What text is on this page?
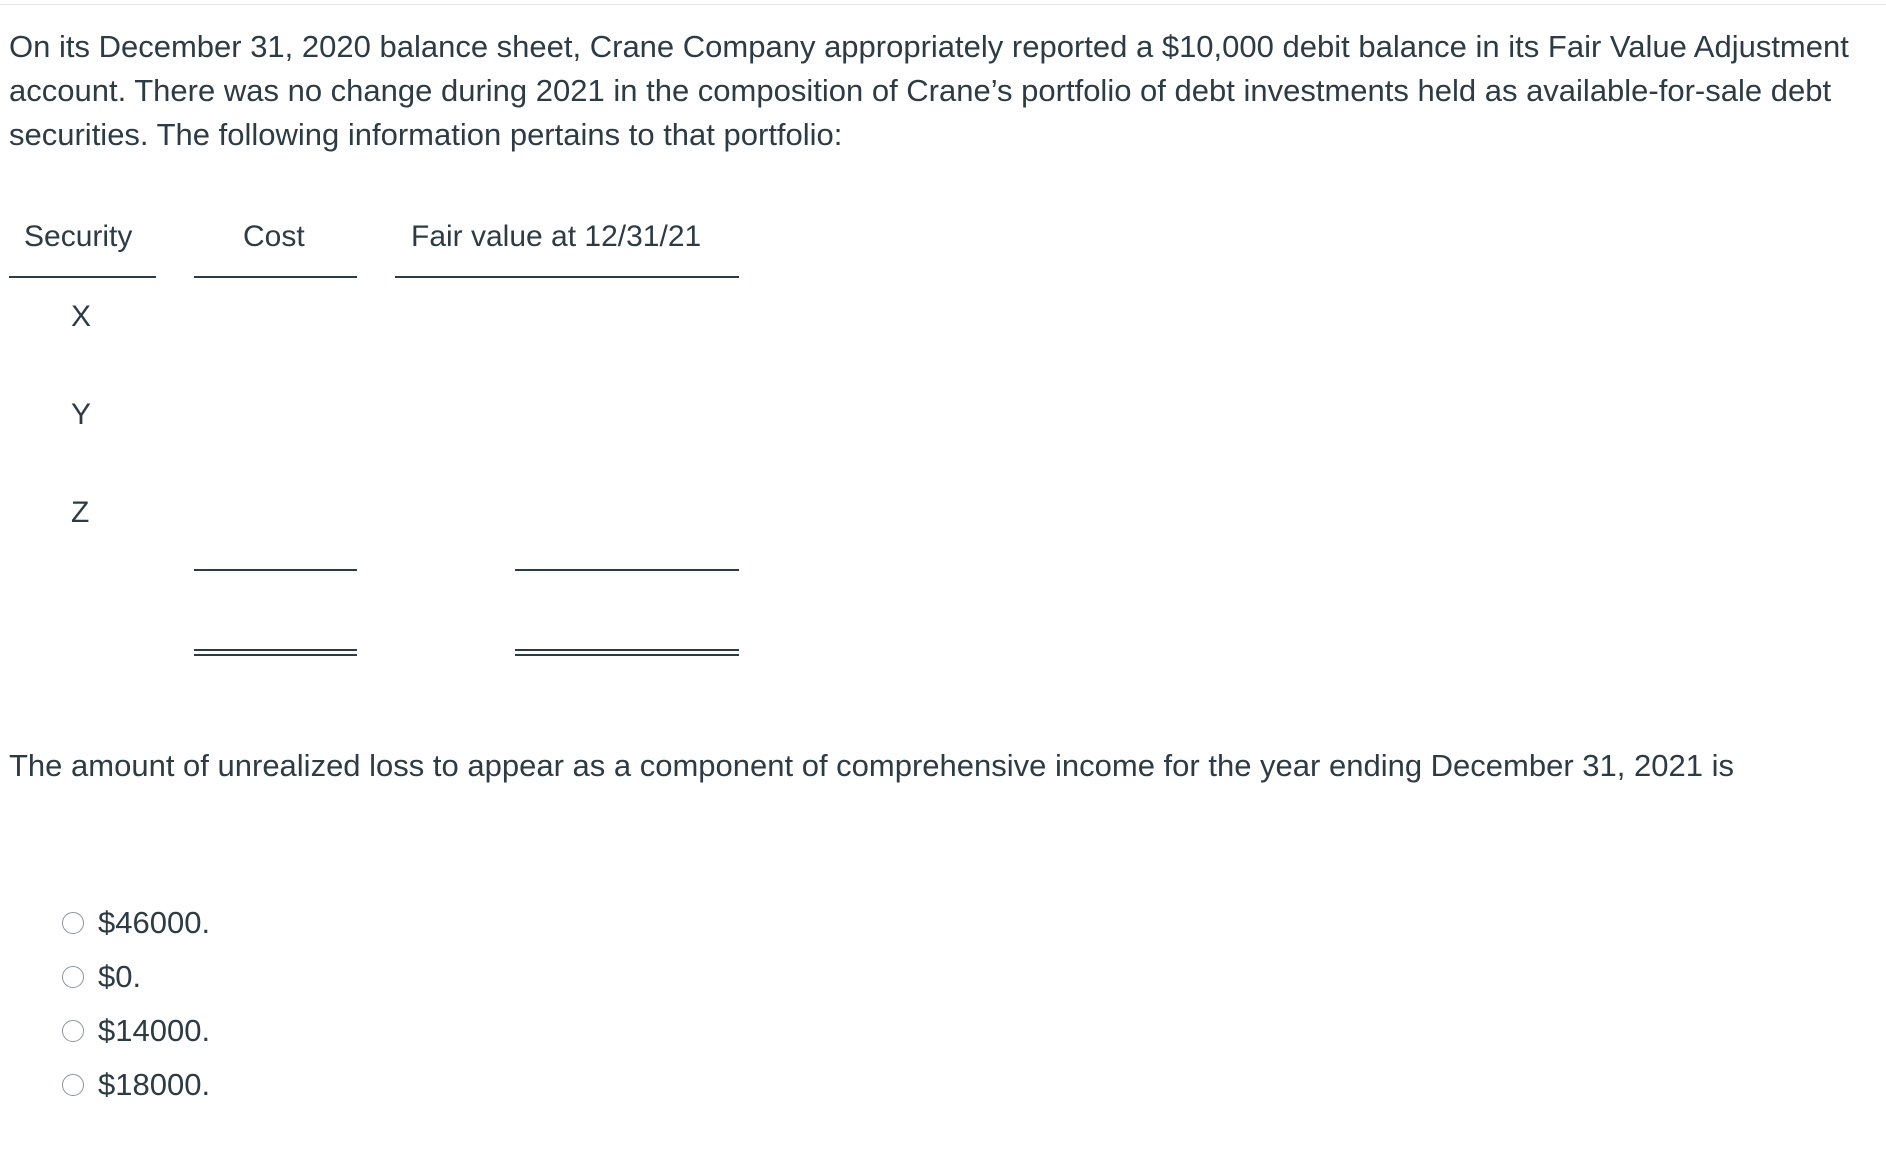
On its December 31, 2020 balance sheet, Crane Company appropriately reported a $10,000 debit balance in its Fair Value Adjustment account. There was no change during 2021 in the composition of Crane’s portfolio of debt investments held as available-for-sale debt securities. The following information pertains to that portfolio:

Security	Cost	Fair value at 12/31/21
X
Y
Z

The amount of unrealized loss to appear as a component of comprehensive income for the year ending December 31, 2021 is

$46000.
$0.
$14000.
$18000.
